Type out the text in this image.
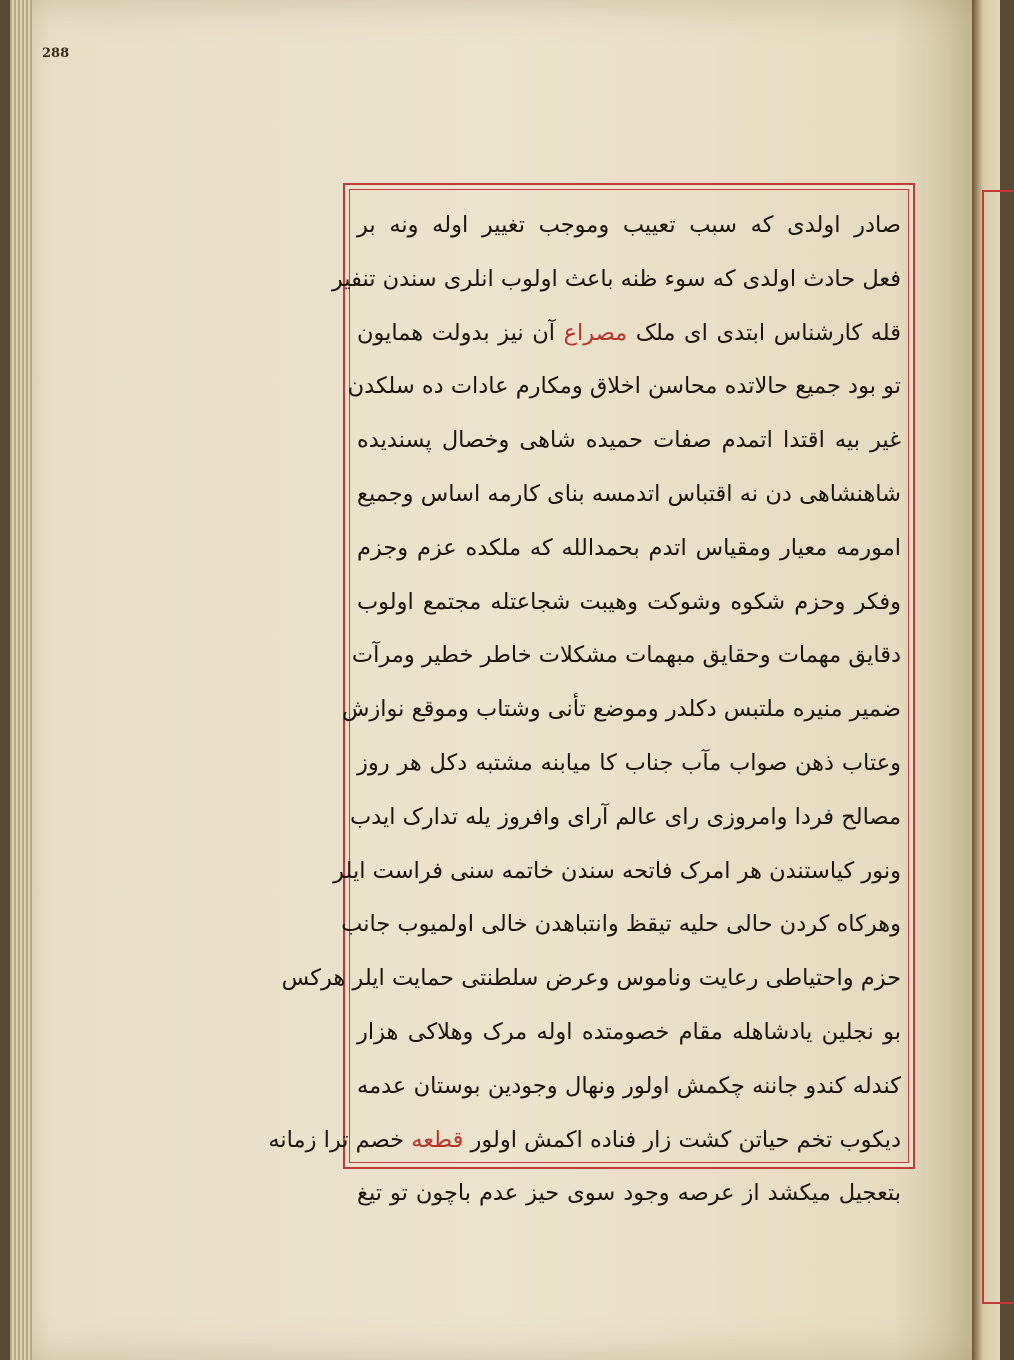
288
صادر اولدی که سبب تعییب وموجب تغییر اوله ونه بر
فعل حادث اولدی که سوء ظنه باعث اولوب انلری سندن تنفیر
قله کارشناس ابتدی ای ملک مصراع آن نیز بدولت همایون
تو بود جمیع حالاتده محاسن اخلاق ومکارم عادات ده سلکدن
غیر بیه اقتدا اتمدم صفات حمیده شاهی وخصال پسندیده
شاهنشاهی دن نه اقتباس اتدمسه بنای کارمه اساس وجمیع
امورمه معیار ومقیاس اتدم بحمدالله که ملکده عزم وجزم
وفکر وحزم شکوه وشوکت وهیبت شجاعتله مجتمع اولوب
دقایق مهمات وحقایق مبهمات مشکلات خاطر خطیر ومرآت
ضمیر منیره ملتبس دکلدر وموضع تأنی وشتاب وموقع نوازش
وعتاب ذهن صواب مآب جناب کا میابنه مشتبه دکل هر روز
مصالح فردا وامروزی رای عالم آرای وافروز یله تدارک ایدب
ونور کیاستندن هر امرک فاتحه سندن خاتمه سنی فراست ایلر
وهرکاه کردن حالی حلیه تیقظ وانتباهدن خالی اولمیوب جانب
حزم واحتیاطی رعایت وناموس وعرض سلطنتی حمایت ایلر هرکس
بو نجلین یادشاهله مقام خصومتده اوله مرک وهلاکی هزار
کندله کندو جاننه چکمش اولور ونهال وجودین بوستان عدمه
دیکوب تخم حیاتن کشت زار فناده اکمش اولور قطعه خصم ترا زمانه
بتعجیل میکشد از عرصه وجود سوی حیز عدم باچون تو تیغ
